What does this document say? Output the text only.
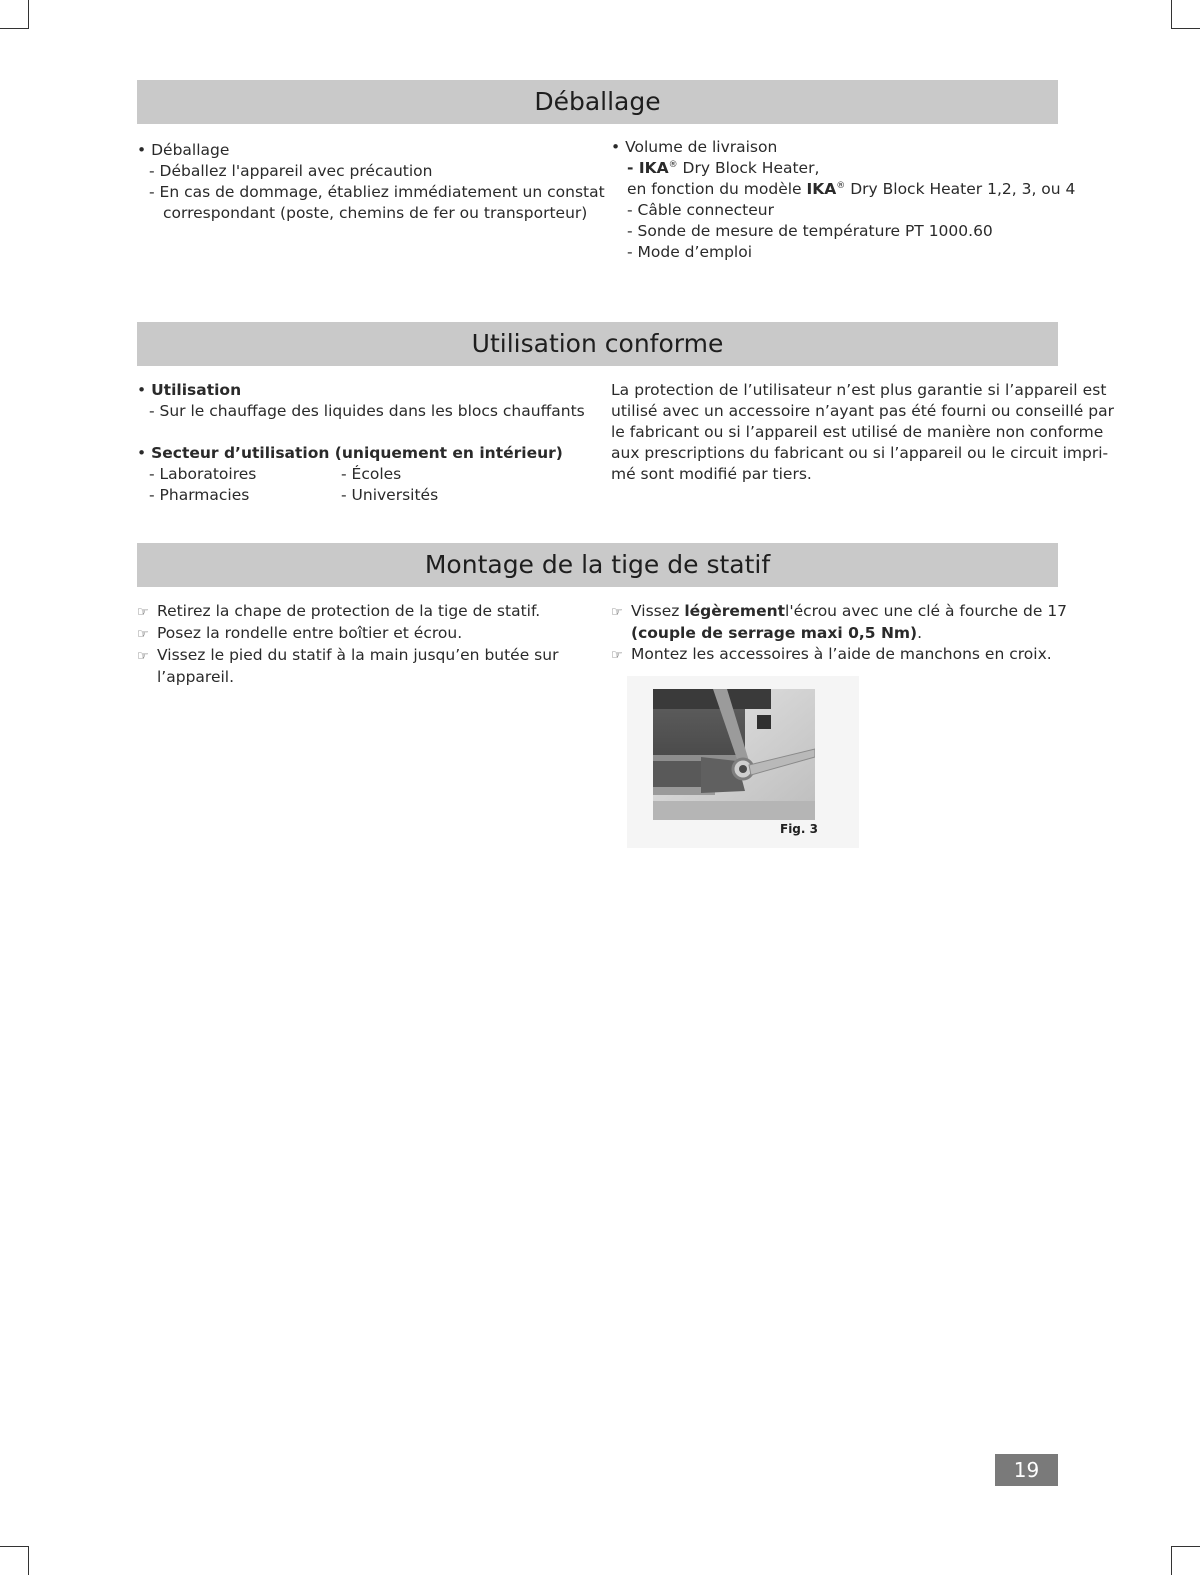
Déballage
• Déballage
- Déballez l'appareil avec précaution
- En cas de dommage, établiez immédiatement un constat
correspondant (poste, chemins de fer ou transporteur)
• Volume de livraison
- IKA® Dry Block Heater,
en fonction du modèle IKA® Dry Block Heater 1,2, 3, ou 4
- Câble connecteur
- Sonde de mesure de température PT 1000.60
- Mode d’emploi
Utilisation conforme
• Utilisation
- Sur le chauffage des liquides dans les blocs chauffants
• Secteur d’utilisation (uniquement en intérieur)
- Laboratoires	- Écoles
- Pharmacies	- Universités
La protection de l’utilisateur n’est plus garantie si l’appareil est
utilisé avec un accessoire n’ayant pas été fourni ou conseillé par
le fabricant ou si l’appareil est utilisé de manière non conforme
aux prescriptions du fabricant ou si l’appareil ou le circuit impri-
mé sont modifié par tiers.
Montage de la tige de statif
☞ Retirez la chape de protection de la tige de statif.
☞ Posez la rondelle entre boîtier et écrou.
☞ Vissez le pied du statif à la main jusqu’en butée sur
l’appareil.
☞ Vissez légèrement l'écrou avec une clé à fourche de 17
(couple de serrage maxi 0,5 Nm).
☞ Montez les accessoires à l’aide de manchons en croix.
Fig. 3
19
